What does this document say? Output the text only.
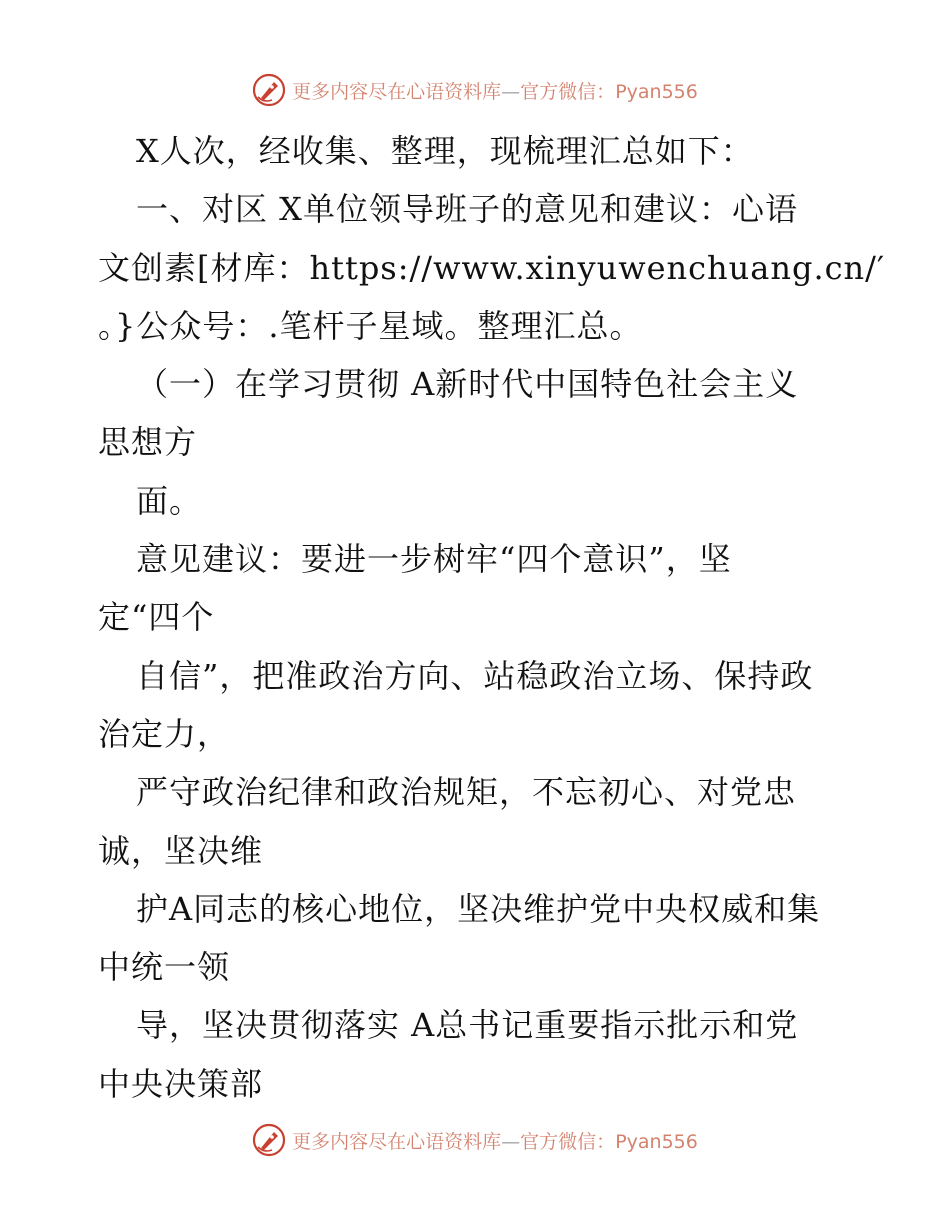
更多内容尽在心语资料库—官方微信：Pyan556
X人次，经收集、整理，现梳理汇总如下：
一、对区 X单位领导班子的意见和建议：心语
文创素[材库：https://www.xinyuwenchuang.cn/′
。}公众号：.笔杆子星域。整理汇总。
（一）在学习贯彻 A新时代中国特色社会主义
思想方
面。
意见建议：要进一步树牢“四个意识”，坚
定“四个
自信”，把准政治方向、站稳政治立场、保持政
治定力，
严守政治纪律和政治规矩，不忘初心、对党忠
诚，坚决维
护A同志的核心地位，坚决维护党中央权威和集
中统一领
导，坚决贯彻落实 A总书记重要指示批示和党
中央决策部
更多内容尽在心语资料库—官方微信：Pyan556
